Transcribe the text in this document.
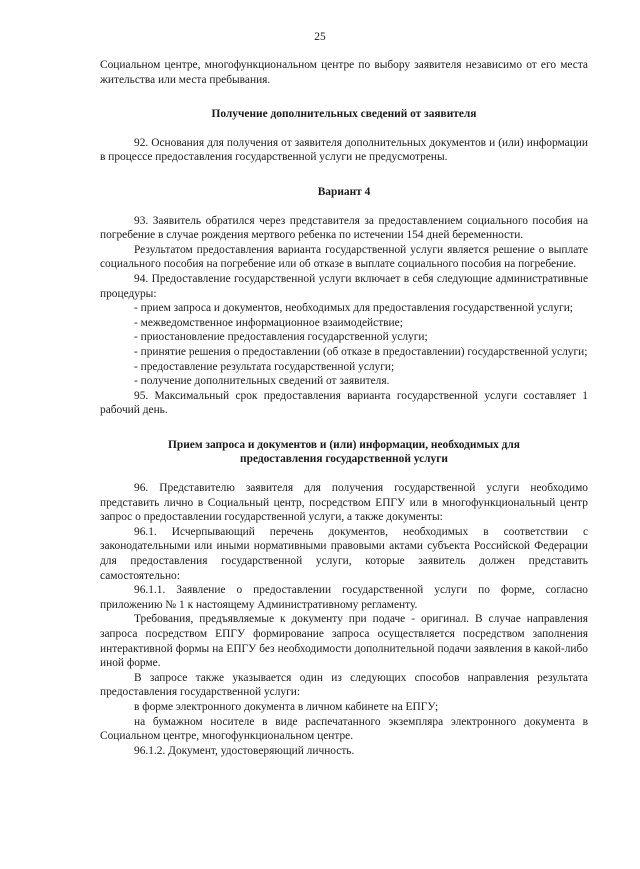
25

Социальном центре, многофункциональном центре по выбору заявителя независимо от его места жительства или места пребывания.

Получение дополнительных сведений от заявителя

92. Основания для получения от заявителя дополнительных документов и (или) информации в процессе предоставления государственной услуги не предусмотрены.

Вариант 4

93. Заявитель обратился через представителя за предоставлением социального пособия на погребение в случае рождения мертвого ребенка по истечении 154 дней беременности.

Результатом предоставления варианта государственной услуги является решение о выплате социального пособия на погребение или об отказе в выплате социального пособия на погребение.

94. Предоставление государственной услуги включает в себя следующие административные процедуры:

- прием запроса и документов, необходимых для предоставления государственной услуги;

- межведомственное информационное взаимодействие;

- приостановление предоставления государственной услуги;

- принятие решения о предоставлении (об отказе в предоставлении) государственной услуги;

- предоставление результата государственной услуги;

- получение дополнительных сведений от заявителя.

95. Максимальный срок предоставления варианта государственной услуги составляет 1 рабочий день.

Прием запроса и документов и (или) информации, необходимых для

предоставления государственной услуги

96. Представителю заявителя для получения государственной услуги необходимо представить лично в Социальный центр, посредством ЕПГУ или в многофункциональный центр запрос о предоставлении государственной услуги, а также документы:

96.1. Исчерпывающий перечень документов, необходимых в соответствии с законодательными или иными нормативными правовыми актами субъекта Российской Федерации для предоставления государственной услуги, которые заявитель должен представить самостоятельно:

96.1.1. Заявление о предоставлении государственной услуги по форме, согласно приложению № 1 к настоящему Административному регламенту.

Требования, предъявляемые к документу при подаче - оригинал. В случае направления запроса посредством ЕПГУ формирование запроса осуществляется посредством заполнения интерактивной формы на ЕПГУ без необходимости дополнительной подачи заявления в какой-либо иной форме.

В запросе также указывается один из следующих способов направления результата предоставления государственной услуги:

в форме электронного документа в личном кабинете на ЕПГУ;

на бумажном носителе в виде распечатанного экземпляра электронного документа в Социальном центре, многофункциональном центре.

96.1.2. Документ, удостоверяющий личность.
